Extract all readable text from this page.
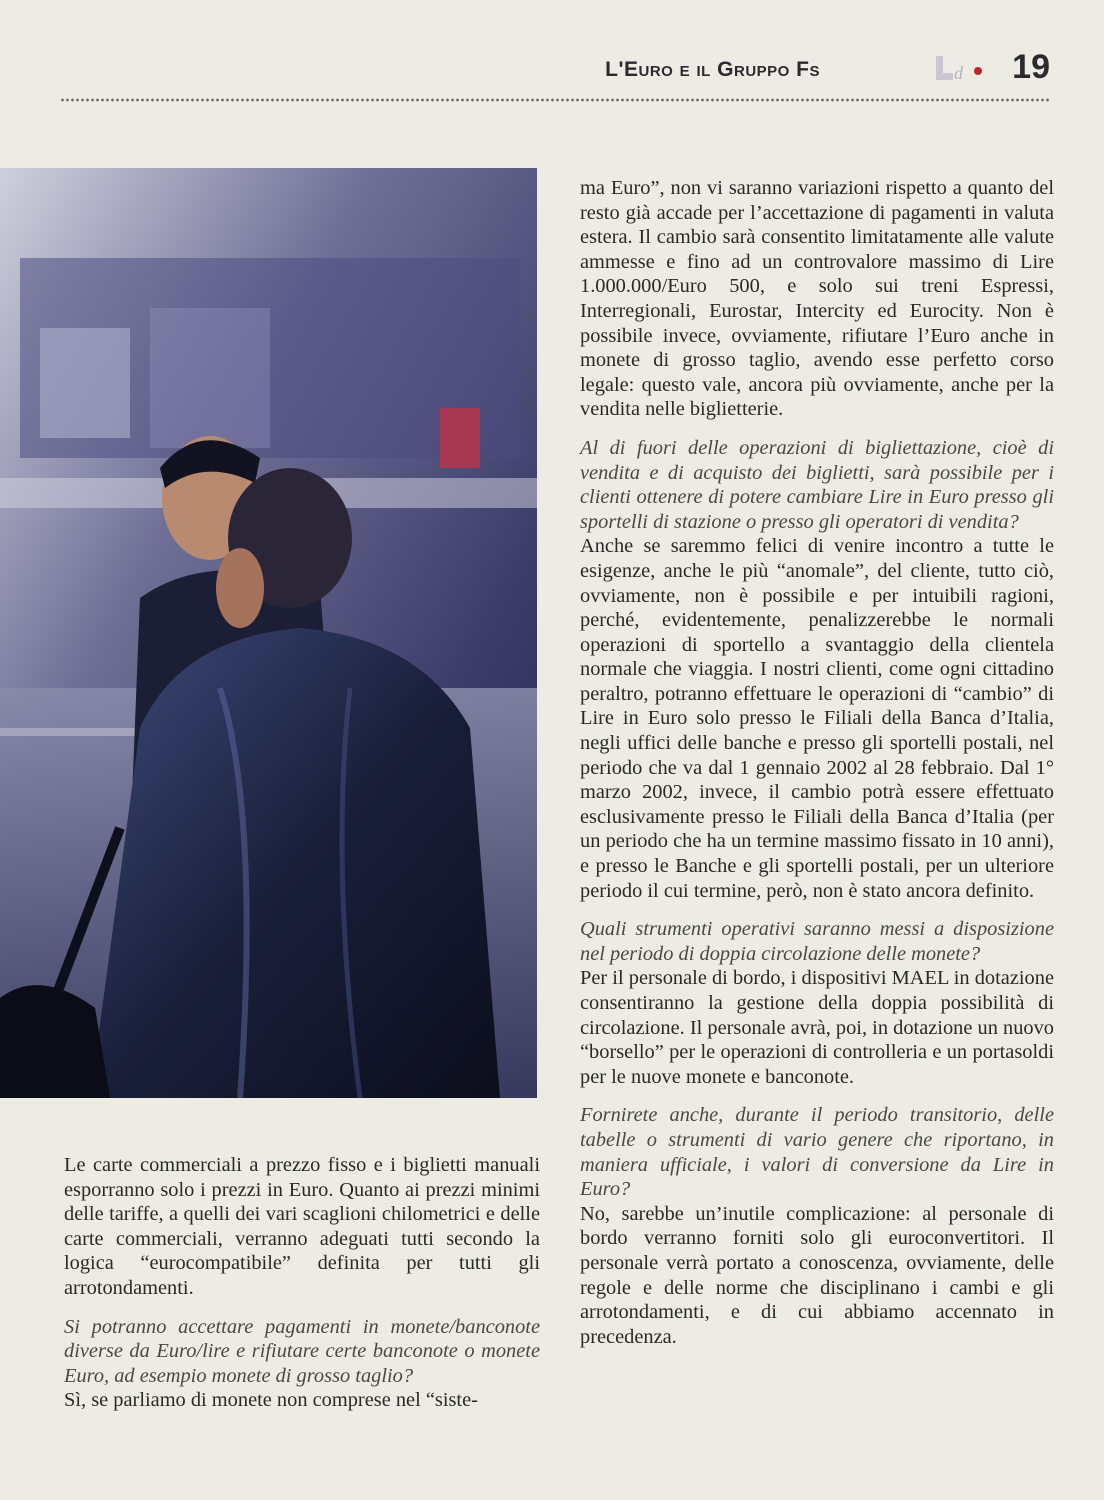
L'Euro e il Gruppo Fs	d 19

Le carte commerciali a prezzo fisso e i biglietti manuali esporranno solo i prezzi in Euro. Quanto ai prezzi minimi delle tariffe, a quelli dei vari scaglioni chilometrici e delle carte commerciali, verranno adeguati tutti secondo la logica “eurocompatibile” definita per tutti gli arrotondamenti.

Si potranno accettare pagamenti in monete/banconote diverse da Euro/lire e rifiutare certe banconote o monete Euro, ad esempio monete di grosso taglio?

Sì, se parliamo di monete non comprese nel “siste-

ma Euro”, non vi saranno variazioni rispetto a quanto del resto già accade per l’accettazione di pagamenti in valuta estera. Il cambio sarà consentito limitatamente alle valute ammesse e fino ad un controvalore massimo di Lire 1.000.000/Euro 500, e solo sui treni Espressi, Interregionali, Eurostar, Intercity ed Eurocity. Non è possibile invece, ovviamente, rifiutare l’Euro anche in monete di grosso taglio, avendo esse perfetto corso legale: questo vale, ancora più ovviamente, anche per la vendita nelle biglietterie.

Al di fuori delle operazioni di bigliettazione, cioè di vendita e di acquisto dei biglietti, sarà possibile per i clienti ottenere di potere cambiare Lire in Euro presso gli sportelli di stazione o presso gli operatori di vendita?

Anche se saremmo felici di venire incontro a tutte le esigenze, anche le più “anomale”, del cliente, tutto ciò, ovviamente, non è possibile e per intuibili ragioni, perché, evidentemente, penalizzerebbe le normali operazioni di sportello a svantaggio della clientela normale che viaggia. I nostri clienti, come ogni cittadino peraltro, potranno effettuare le operazioni di “cambio” di Lire in Euro solo presso le Filiali della Banca d’Italia, negli uffici delle banche e presso gli sportelli postali, nel periodo che va dal 1 gennaio 2002 al 28 febbraio. Dal 1° marzo 2002, invece, il cambio potrà essere effettuato esclusivamente presso le Filiali della Banca d’Italia (per un periodo che ha un termine massimo fissato in 10 anni), e presso le Banche e gli sportelli postali, per un ulteriore periodo il cui termine, però, non è stato ancora definito.

Quali strumenti operativi saranno messi a disposizione nel periodo di doppia circolazione delle monete?

Per il personale di bordo, i dispositivi MAEL in dotazione consentiranno la gestione della doppia possibilità di circolazione. Il personale avrà, poi, in dotazione un nuovo “borsello” per le operazioni di controlleria e un portasoldi per le nuove monete e banconote.

Fornirete anche, durante il periodo transitorio, delle tabelle o strumenti di vario genere che riportano, in maniera ufficiale, i valori di conversione da Lire in Euro?

No, sarebbe un’inutile complicazione: al personale di bordo verranno forniti solo gli euroconvertitori. Il personale verrà portato a conoscenza, ovviamente, delle regole e delle norme che disciplinano i cambi e gli arrotondamenti, e di cui abbiamo accennato in precedenza.
